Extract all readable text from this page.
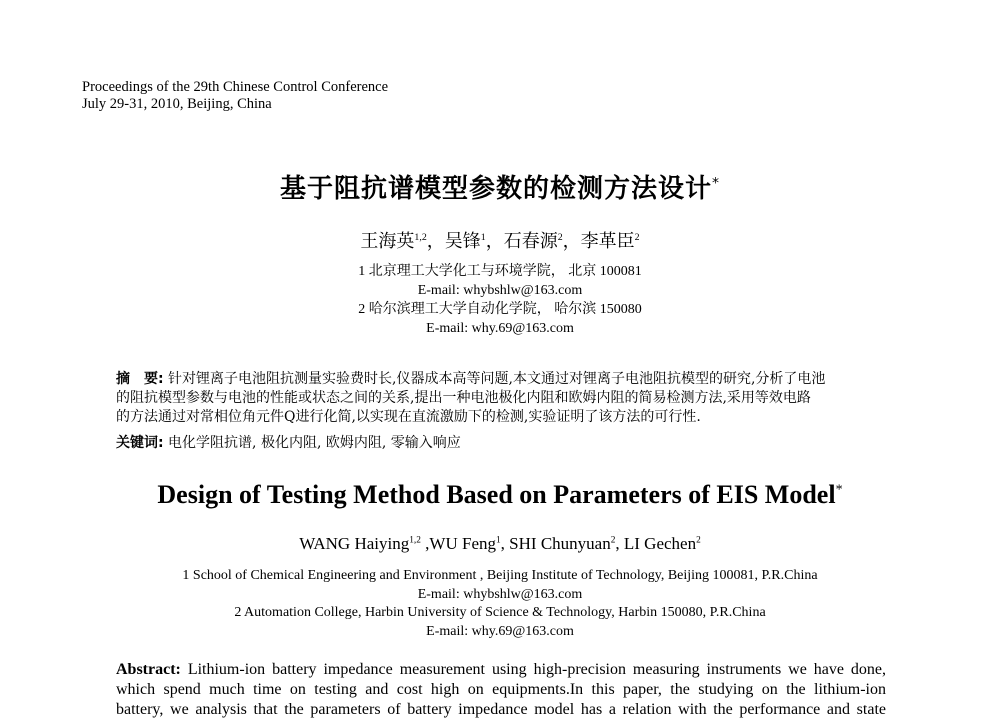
Proceedings of the 29th Chinese Control Conference
July 29-31, 2010, Beijing, China
基于阻抗谱模型参数的检测方法设计*
王海英$^{1,2}$，吴锋$^1$，石春源$^2$，李革臣$^2$
1 北京理工大学化工与环境学院， 北京 100081
E-mail: whybshlw@163.com
2 哈尔滨理工大学自动化学院， 哈尔滨 150080
E-mail: why.69@163.com
摘　要: 针对锂离子电池阻抗测量实验费时长,仪器成本高等问题,本文通过对锂离子电池阻抗模型的研究,分析了电池
的阻抗模型参数与电池的性能或状态之间的关系,提出一种电池极化内阻和欧姆内阻的简易检测方法,采用等效电路
的方法通过对常相位角元件Q进行化简,以实现在直流激励下的检测,实验证明了该方法的可行性.
关键词: 电化学阻抗谱, 极化内阻, 欧姆内阻, 零输入响应
Design of Testing Method Based on Parameters of EIS Model*
WANG Haiying$^{1,2}$ ,WU Feng$^1$, SHI Chunyuan$^2$, LI Gechen$^2$
1 School of Chemical Engineering and Environment , Beijing Institute of Technology, Beijing 100081, P.R.China
E-mail: whybshlw@163.com
2 Automation College, Harbin University of Science & Technology, Harbin 150080, P.R.China
E-mail: why.69@163.com
Abstract: Lithium-ion battery impedance measurement using high-precision measuring instruments we have done,
which spend much time on testing and cost high on equipments.In this paper, the studying on the lithium-ion
battery, we analysis that the parameters of battery impedance model has a relation with the performance and state
